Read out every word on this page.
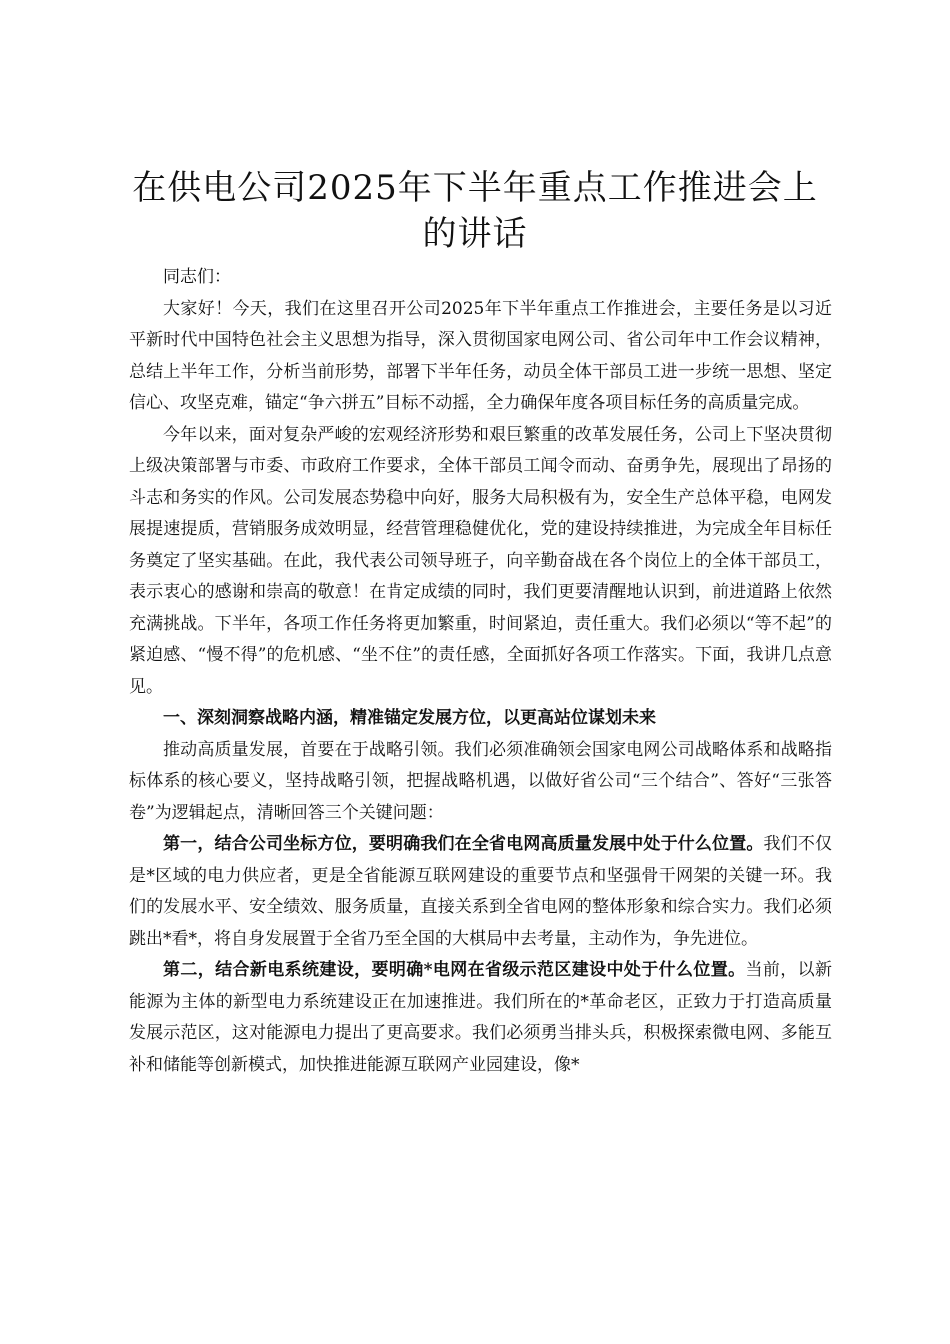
在供电公司2025年下半年重点工作推进会上
的讲话

同志们：

大家好！今天，我们在这里召开公司2025年下半年重点工作推进会，主要任务是以习近平新时代中国特色社会主义思想为指导，深入贯彻国家电网公司、省公司年中工作会议精神，总结上半年工作，分析当前形势，部署下半年任务，动员全体干部员工进一步统一思想、坚定信心、攻坚克难，锚定“争六拼五”目标不动摇，全力确保年度各项目标任务的高质量完成。

今年以来，面对复杂严峻的宏观经济形势和艰巨繁重的改革发展任务，公司上下坚决贯彻上级决策部署与市委、市政府工作要求，全体干部员工闻令而动、奋勇争先，展现出了昂扬的斗志和务实的作风。公司发展态势稳中向好，服务大局积极有为，安全生产总体平稳，电网发展提速提质，营销服务成效明显，经营管理稳健优化，党的建设持续推进，为完成全年目标任务奠定了坚实基础。在此，我代表公司领导班子，向辛勤奋战在各个岗位上的全体干部员工，表示衷心的感谢和崇高的敬意！在肯定成绩的同时，我们更要清醒地认识到，前进道路上依然充满挑战。下半年，各项工作任务将更加繁重，时间紧迫，责任重大。我们必须以“等不起”的紧迫感、“慢不得”的危机感、“坐不住”的责任感，全面抓好各项工作落实。下面，我讲几点意见。

一、深刻洞察战略内涵，精准锚定发展方位，以更高站位谋划未来

推动高质量发展，首要在于战略引领。我们必须准确领会国家电网公司战略体系和战略指标体系的核心要义，坚持战略引领，把握战略机遇，以做好省公司“三个结合”、答好“三张答卷”为逻辑起点，清晰回答三个关键问题：

第一，结合公司坐标方位，要明确我们在全省电网高质量发展中处于什么位置。我们不仅是*区域的电力供应者，更是全省能源互联网建设的重要节点和坚强骨干网架的关键一环。我们的发展水平、安全绩效、服务质量，直接关系到全省电网的整体形象和综合实力。我们必须跳出*看*，将自身发展置于全省乃至全国的大棋局中去考量，主动作为，争先进位。

第二，结合新电系统建设，要明确*电网在省级示范区建设中处于什么位置。当前，以新能源为主体的新型电力系统建设正在加速推进。我们所在的*革命老区，正致力于打造高质量发展示范区，这对能源电力提出了更高要求。我们必须勇当排头兵，积极探索微电网、多能互补和储能等创新模式，加快推进能源互联网产业园建设，像*
